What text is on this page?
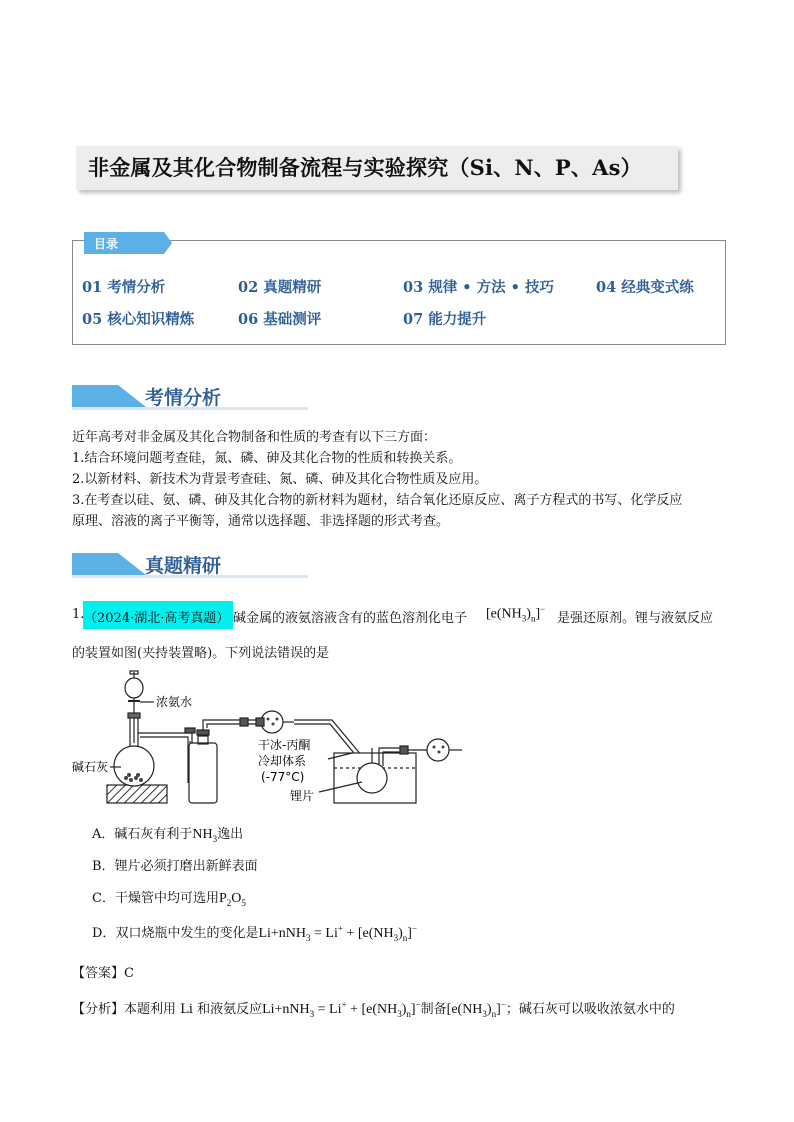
非金属及其化合物制备流程与实验探究（Si、N、P、As）
目录
01 考情分析	02 真题精研	03 规律 • 方法 • 技巧	04 经典变式练
05 核心知识精炼	06 基础测评	07 能力提升
考情分析
近年高考对非金属及其化合物制备和性质的考查有以下三方面：
1.结合环境问题考查硅，氮、磷、砷及其化合物的性质和转换关系。
2.以新材料、新技术为背景考查硅、氮、磷、砷及其化合物性质及应用。
3.在考查以硅、氨、磷、砷及其化合物的新材料为题材，结合氧化还原反应、离子方程式的书写、化学反应
原理、溶液的离子平衡等，通常以选择题、非选择题的形式考查。
真题精研
1. （2024·湖北·高考真题） 碱金属的液氨溶液含有的蓝色溶剂化电子 $[e(NH_3)_n]^-$
是强还原剂。锂与液氨反应
的装置如图(夹持装置略)。下列说法错误的是
浓氨水
碱石灰
干冰-丙酮
冷却体系
(-77°C)
锂片
A．碱石灰有利于$NH_3$逸出
B．锂片必须打磨出新鲜表面
C．干燥管中均可选用$P_2O_5$
D．双口烧瓶中发生的变化是$Li+nNH_3 = Li^+ + [e(NH_3)_n]^-$
【答案】C
【分析】本题利用 Li 和液氨反应$Li+nNH_3 = Li^+ + [e(NH_3)_n]^-$制备$[e(NH_3)_n]^-$；碱石灰可以吸收浓氨水中的
